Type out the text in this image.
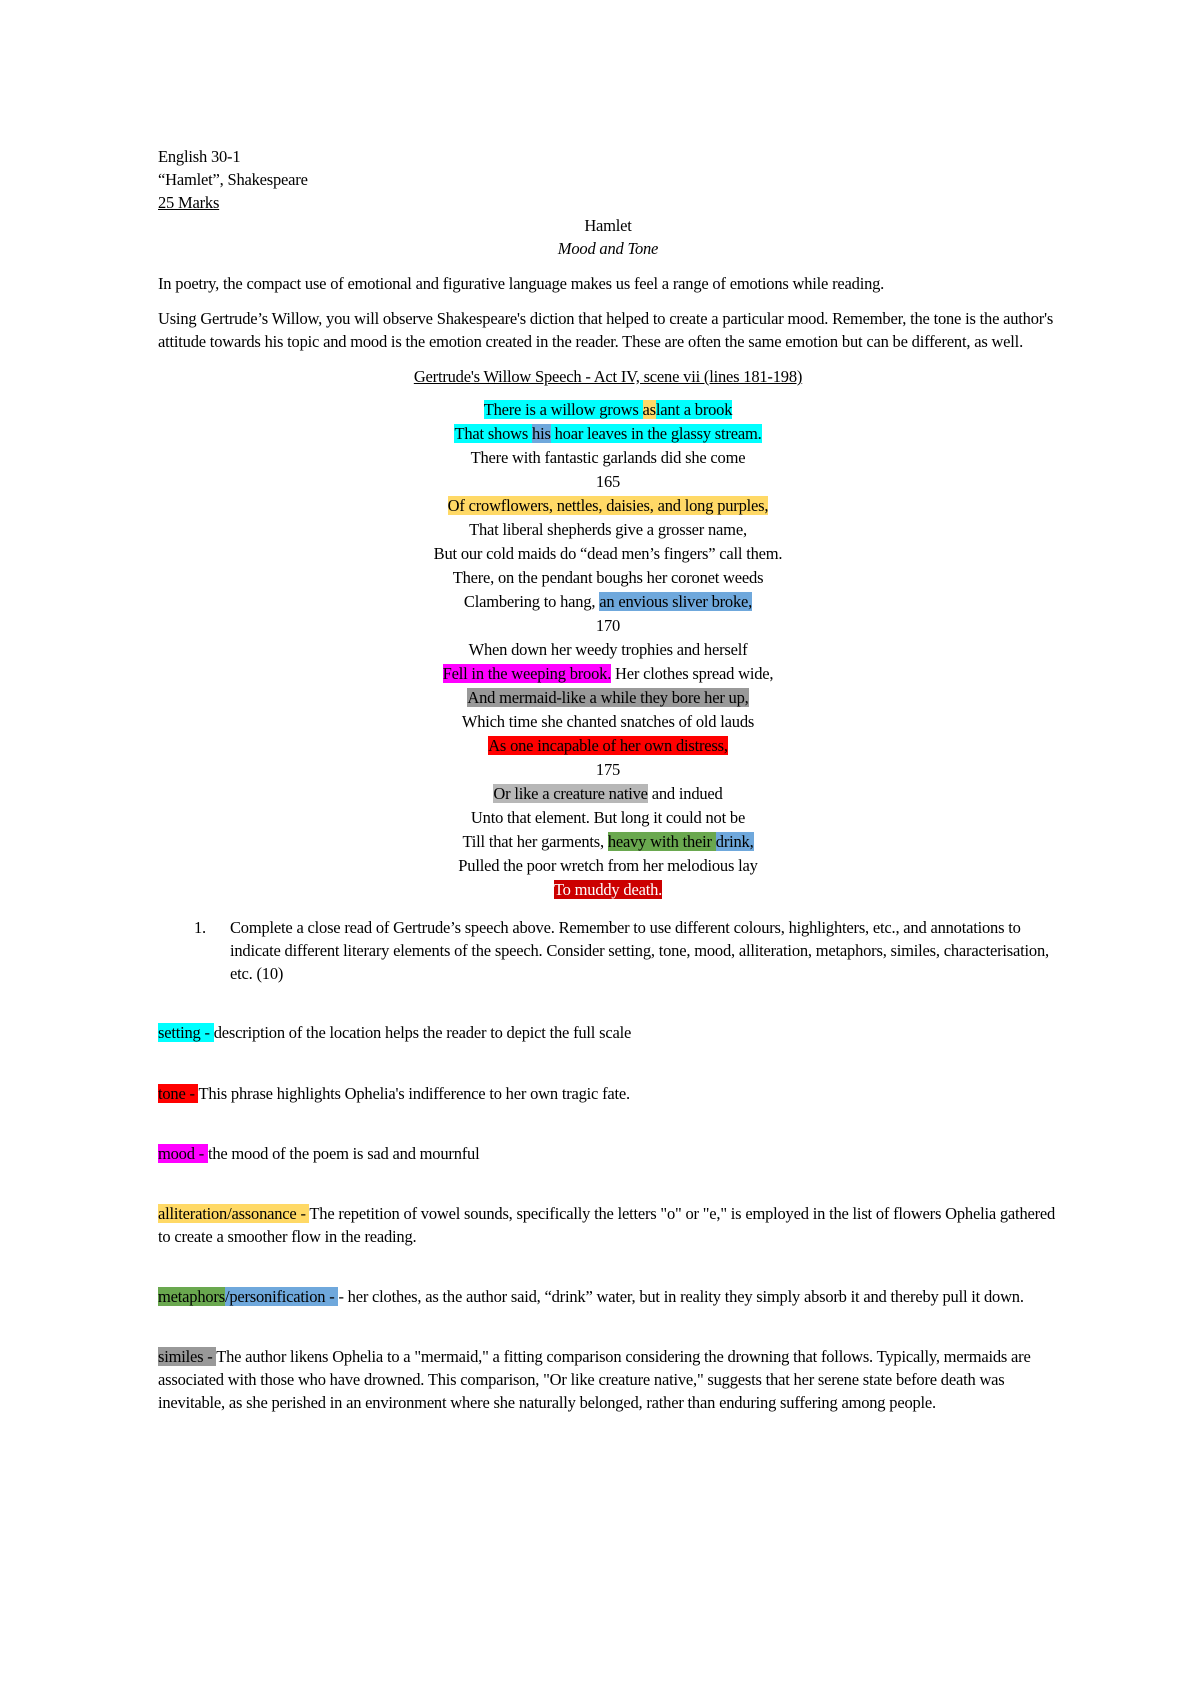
English 30-1

“Hamlet”, Shakespeare

25 Marks

Hamlet

Mood and Tone

In poetry, the compact use of emotional and figurative language makes us feel a range of emotions while reading.

Using Gertrude’s Willow, you will observe Shakespeare's diction that helped to create a particular mood. Remember, the tone is the author's attitude towards his topic and mood is the emotion created in the reader. These are often the same emotion but can be different, as well.

Gertrude's Willow Speech - Act IV, scene vii (lines 181-198)

There is a willow grows aslant a brook

That shows his hoar leaves in the glassy stream.

There with fantastic garlands did she come

165

Of crowflowers, nettles, daisies, and long purples,

That liberal shepherds give a grosser name,

But our cold maids do “dead men’s fingers” call them.

There, on the pendant boughs her coronet weeds

Clambering to hang, an envious sliver broke,

170

When down her weedy trophies and herself

Fell in the weeping brook. Her clothes spread wide,

And mermaid-like a while they bore her up,

Which time she chanted snatches of old lauds

As one incapable of her own distress,

175

Or like a creature native and indued

Unto that element. But long it could not be

Till that her garments, heavy with their drink,

Pulled the poor wretch from her melodious lay

To muddy death.

1. Complete a close read of Gertrude’s speech above. Remember to use different colours, highlighters, etc., and annotations to indicate different literary elements of the speech. Consider setting, tone, mood, alliteration, metaphors, similes, characterisation, etc. (10)

setting - description of the location helps the reader to depict the full scale

tone - This phrase highlights Ophelia's indifference to her own tragic fate.

mood - the mood of the poem is sad and mournful

alliteration/assonance - The repetition of vowel sounds, specifically the letters "o" or "e," is employed in the list of flowers Ophelia gathered to create a smoother flow in the reading.

metaphors/personification - - her clothes, as the author said, “drink” water, but in reality they simply absorb it and thereby pull it down.

similes - The author likens Ophelia to a "mermaid," a fitting comparison considering the drowning that follows. Typically, mermaids are associated with those who have drowned. This comparison, "Or like creature native," suggests that her serene state before death was inevitable, as she perished in an environment where she naturally belonged, rather than enduring suffering among people.
